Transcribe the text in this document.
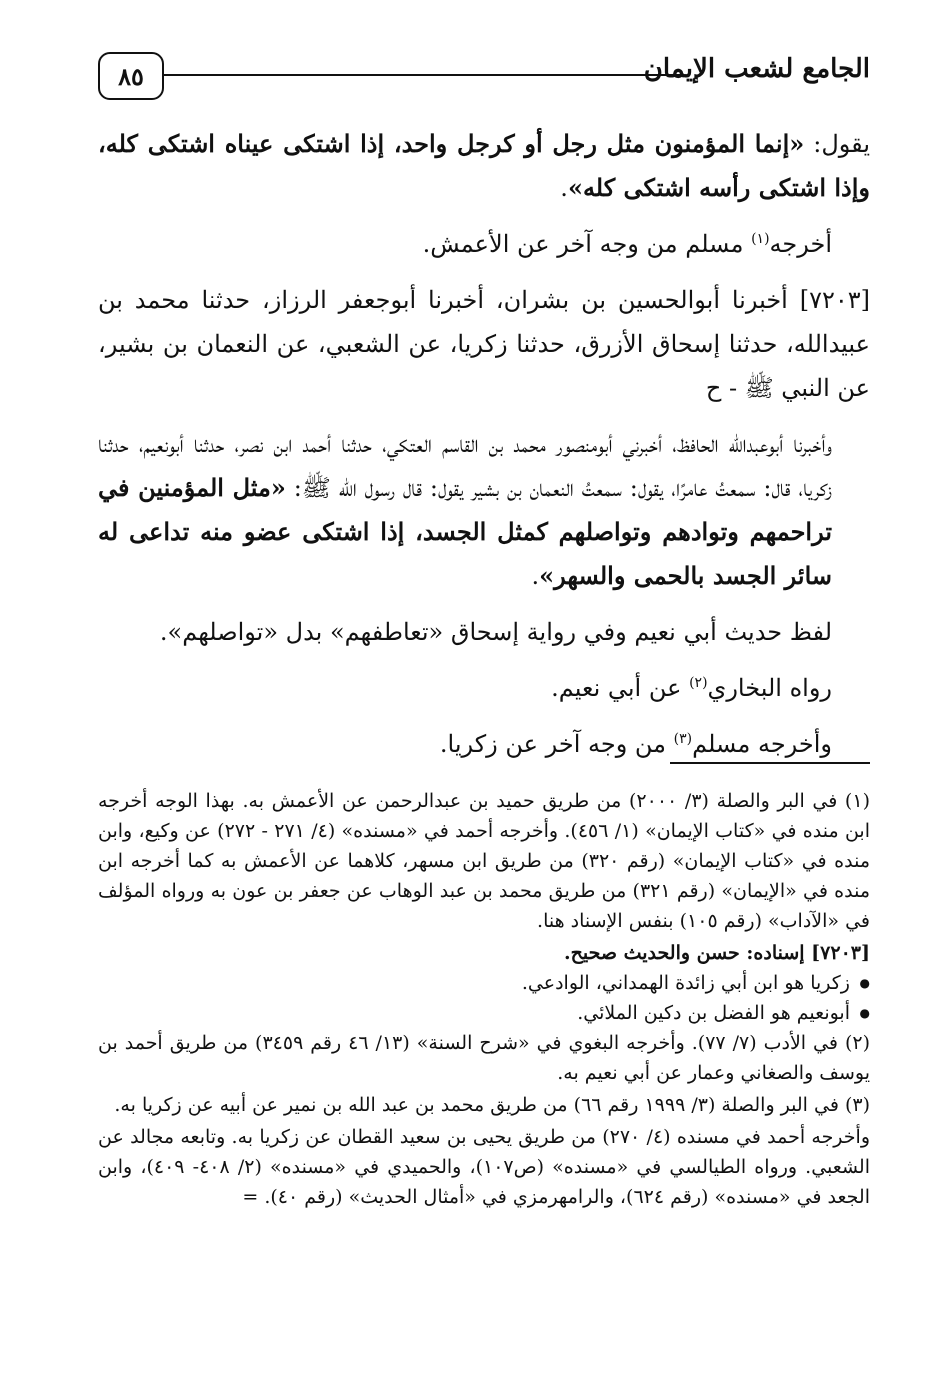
٨٥	الجامع لشعب الإيمان

يقول: «إنما المؤمنون مثل رجل أو كرجل واحد، إذا اشتكى عيناه اشتكى كله، وإذا اشتكى رأسه اشتكى كله».

أخرجه$^{(١)}$ مسلم من وجه آخر عن الأعمش.

[٧٢٠٣] أخبرنا أبوالحسين بن بشران، أخبرنا أبوجعفر الرزاز، حدثنا محمد بن عبيدالله، حدثنا إسحاق الأزرق، حدثنا زكريا، عن الشعبي، عن النعمان بن بشير، عن النبي ﷺ - ح

وأخبرنا أبوعبدالله الحافظ، أخبرني أبومنصور محمد بن القاسم العتكي، حدثنا أحمد ابن نصر، حدثنا أبونعيم، حدثنا زكريا، قال: سمعتُ عامرًا، يقول: سمعتُ النعمان بن بشير يقول: قال رسول الله ﷺ: «مثل المؤمنين في تراحمهم وتوادهم وتواصلهم كمثل الجسد، إذا اشتكى عضو منه تداعى له سائر الجسد بالحمى والسهر».

لفظ حديث أبي نعيم وفي رواية إسحاق «تعاطفهم» بدل «تواصلهم».

رواه البخاري$^{(٢)}$ عن أبي نعيم.

وأخرجه مسلم$^{(٣)}$ من وجه آخر عن زكريا.

(١) في البر والصلة (٣/ ٢٠٠٠) من طريق حميد بن عبدالرحمن عن الأعمش به. بهذا الوجه أخرجه ابن منده في «كتاب الإيمان» (١/ ٤٥٦). وأخرجه أحمد في «مسنده» (٤/ ٢٧١ - ٢٧٢) عن وكيع، وابن منده في «كتاب الإيمان» (رقم ٣٢٠) من طريق ابن مسهر، كلاهما عن الأعمش به كما أخرجه ابن منده في «الإيمان» (رقم ٣٢١) من طريق محمد بن عبد الوهاب عن جعفر بن عون به ورواه المؤلف في «الآداب» (رقم ١٠٥) بنفس الإسناد هنا.

[٧٢٠٣] إسناده: حسن والحديث صحيح.

● زكريا هو ابن أبي زائدة الهمداني، الوادعي.
● أبونعيم هو الفضل بن دكين الملائي.

(٢) في الأدب (٧/ ٧٧). وأخرجه البغوي في «شرح السنة» (١٣/ ٤٦ رقم ٣٤٥٩) من طريق أحمد بن يوسف والصغاني وعمار عن أبي نعيم به.

(٣) في البر والصلة (٣/ ١٩٩٩ رقم ٦٦) من طريق محمد بن عبد الله بن نمير عن أبيه عن زكريا به.

وأخرجه أحمد في مسنده (٤/ ٢٧٠) من طريق يحيى بن سعيد القطان عن زكريا به. وتابعه مجالد عن الشعبي. ورواه الطيالسي في «مسنده» (ص١٠٧)، والحميدي في «مسنده» (٢/ ٤٠٨- ٤٠٩)، وابن الجعد في «مسنده» (رقم ٦٢٤)، والرامهرمزي في «أمثال الحديث» (رقم ٤٠). =
